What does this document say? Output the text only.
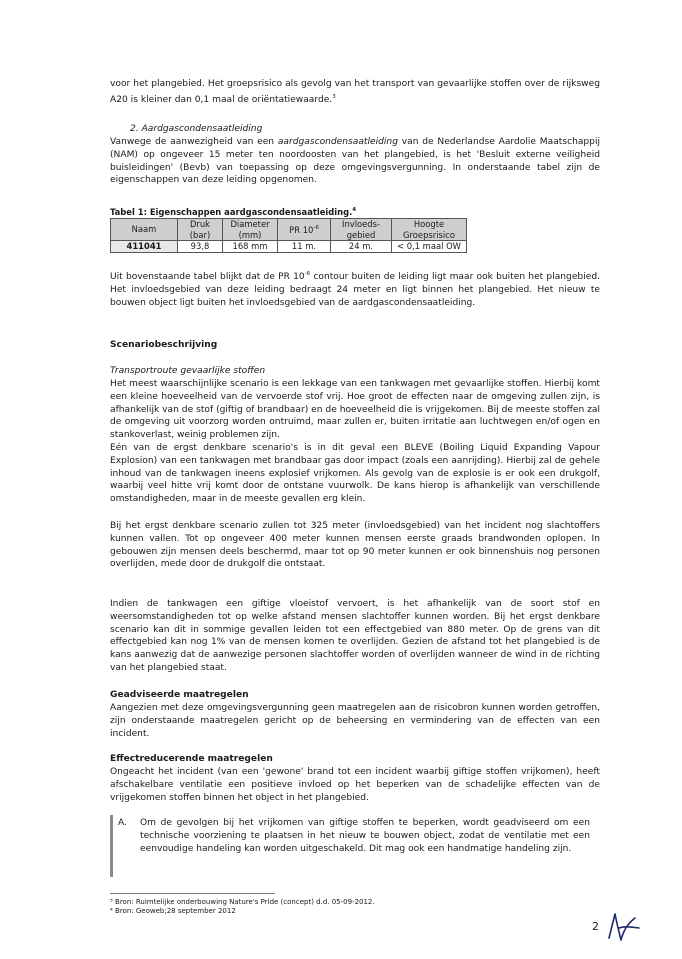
voor het plangebied. Het groepsrisico als gevolg van het transport van gevaarlijke stoffen over de rijksweg A20 is kleiner dan 0,1 maal de oriëntatiewaarde.$^3$

2. Aardgascondensaatleiding

Vanwege de aanwezigheid van een aardgascondensaatleiding van de Nederlandse Aardolie Maatschappij (NAM) op ongeveer 15 meter ten noordoosten van het plangebied, is het 'Besluit externe veiligheid buisleidingen' (Bevb) van toepassing op deze omgevingsvergunning. In onderstaande tabel zijn de eigenschappen van deze leiding opgenomen.

Tabel 1: Eigenschappen aardgascondensaatleiding.$^4$
Naam	Druk (bar)	Diameter (mm)	PR $10^{-6}$	Invloeds-gebied	Hoogte Groepsrisico
411041	93,8	168 mm	11 m.	24 m.	< 0,1 maal OW

Uit bovenstaande tabel blijkt dat de PR $10^{-6}$ contour buiten de leiding ligt maar ook buiten het plangebied. Het invloedsgebied van deze leiding bedraagt 24 meter en ligt binnen het plangebied. Het nieuw te bouwen object ligt buiten het invloedsgebied van de aardgascondensaatleiding.

Scenariobeschrijving
Transportroute gevaarlijke stoffen
Het meest waarschijnlijke scenario is een lekkage van een tankwagen met gevaarlijke stoffen. Hierbij komt een kleine hoeveelheid van de vervoerde stof vrij. Hoe groot de effecten naar de omgeving zullen zijn, is afhankelijk van de stof (giftig of brandbaar) en de hoeveelheid die is vrijgekomen. Bij de meeste stoffen zal de omgeving uit voorzorg worden ontruimd, maar zullen er, buiten irritatie aan luchtwegen en/of ogen en stankoverlast, weinig problemen zijn.
Eén van de ergst denkbare scenario's is in dit geval een BLEVE (Boiling Liquid Expanding Vapour Explosion) van een tankwagen met brandbaar gas door impact (zoals een aanrijding). Hierbij zal de gehele inhoud van de tankwagen ineens explosief vrijkomen. Als gevolg van de explosie is er ook een drukgolf, waarbij veel hitte vrij komt door de ontstane vuurwolk. De kans hierop is afhankelijk van verschillende omstandigheden, maar in de meeste gevallen erg klein.
Bij het ergst denkbare scenario zullen tot 325 meter (invloedsgebied) van het incident nog slachtoffers kunnen vallen. Tot op ongeveer 400 meter kunnen mensen eerste graads brandwonden oplopen. In gebouwen zijn mensen deels beschermd, maar tot op 90 meter kunnen er ook binnenshuis nog personen overlijden, mede door de drukgolf die ontstaat.
Indien de tankwagen een giftige vloeistof vervoert, is het afhankelijk van de soort stof en weersomstandigheden tot op welke afstand mensen slachtoffer kunnen worden. Bij het ergst denkbare scenario kan dit in sommige gevallen leiden tot een effectgebied van 880 meter. Op de grens van dit effectgebied kan nog 1% van de mensen komen te overlijden. Gezien de afstand tot het plangebied is de kans aanwezig dat de aanwezige personen slachtoffer worden of overlijden wanneer de wind in de richting van het plangebied staat.
Geadviseerde maatregelen
Aangezien met deze omgevingsvergunning geen maatregelen aan de risicobron kunnen worden getroffen, zijn onderstaande maatregelen gericht op de beheersing en vermindering van de effecten van een incident.
Effectreducerende maatregelen
Ongeacht het incident (van een 'gewone' brand tot een incident waarbij giftige stoffen vrijkomen), heeft afschakelbare ventilatie een positieve invloed op het beperken van de schadelijke effecten van de vrijgekomen stoffen binnen het object in het plangebied.
A. Om de gevolgen bij het vrijkomen van giftige stoffen te beperken, wordt geadviseerd om een technische voorziening te plaatsen in het nieuw te bouwen object, zodat de ventilatie met een eenvoudige handeling kan worden uitgeschakeld. Dit mag ook een handmatige handeling zijn.
³ Bron: Ruimtelijke onderbouwing Nature's Pride (concept) d.d. 05-09-2012.
⁴ Bron: Geoweb;28 september 2012
2
